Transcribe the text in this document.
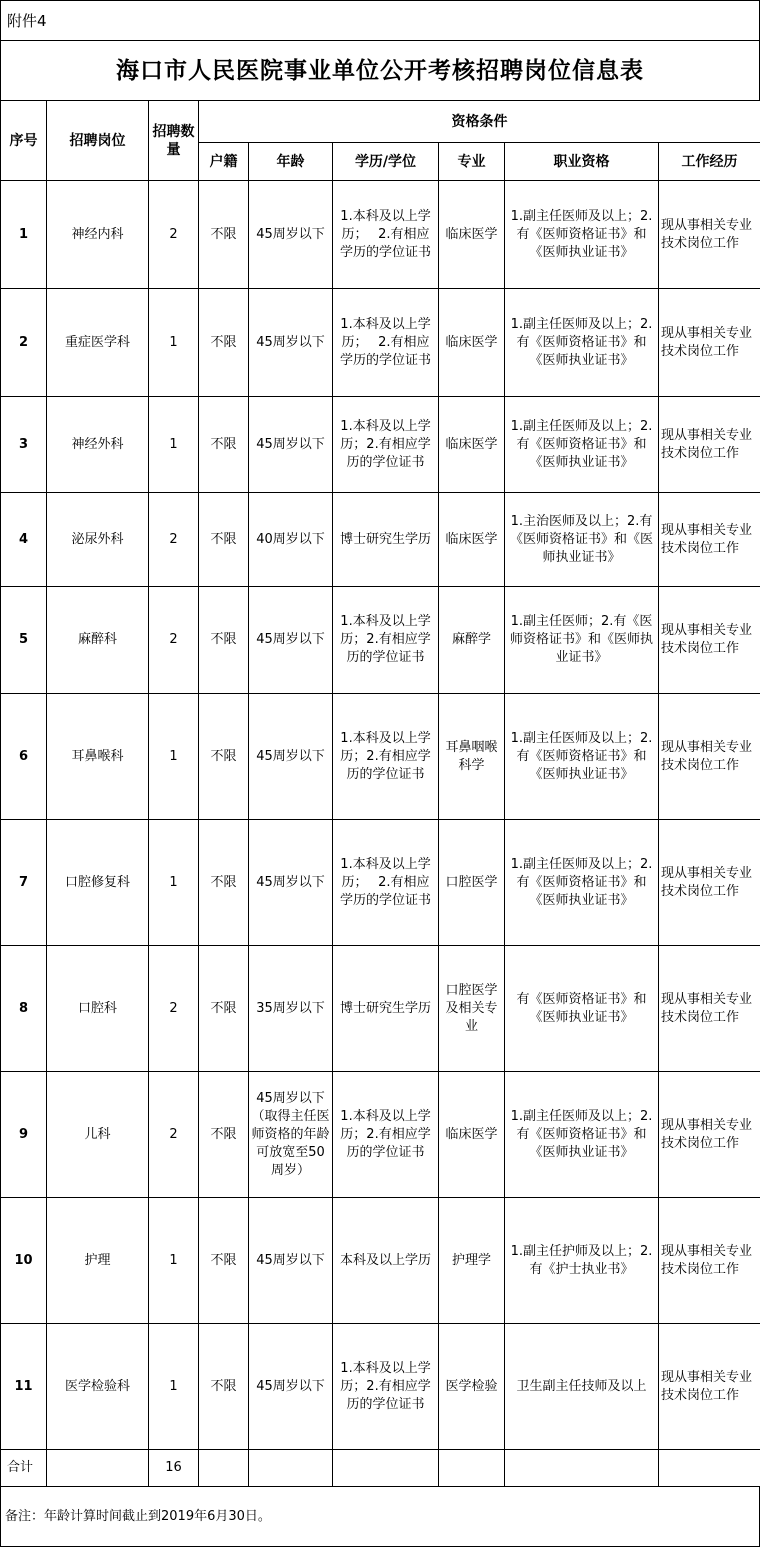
附件4
海口市人民医院事业单位公开考核招聘岗位信息表
序号	招聘岗位	招聘数量	资格条件					
			户籍	年龄	学历/学位	专业	职业资格	工作经历
1	神经内科	2	不限	45周岁以下	1.本科及以上学历；　 2.有相应学历的学位证书	临床医学	1.副主任医师及以上；2.有《医师资格证书》和《医师执业证书》	现从事相关专业技术岗位工作
2	重症医学科	1	不限	45周岁以下	1.本科及以上学历；　 2.有相应学历的学位证书	临床医学	1.副主任医师及以上；2.有《医师资格证书》和《医师执业证书》	现从事相关专业技术岗位工作
3	神经外科	1	不限	45周岁以下	1.本科及以上学历；2.有相应学历的学位证书	临床医学	1.副主任医师及以上；2.有《医师资格证书》和《医师执业证书》	现从事相关专业技术岗位工作
4	泌尿外科	2	不限	40周岁以下	博士研究生学历	临床医学	1.主治医师及以上；2.有《医师资格证书》和《医师执业证书》	现从事相关专业技术岗位工作
5	麻醉科	2	不限	45周岁以下	1.本科及以上学历；2.有相应学历的学位证书	麻醉学	1.副主任医师；2.有《医师资格证书》和《医师执业证书》	现从事相关专业技术岗位工作
6	耳鼻喉科	1	不限	45周岁以下	1.本科及以上学历；2.有相应学历的学位证书	耳鼻咽喉科学	1.副主任医师及以上；2.有《医师资格证书》和《医师执业证书》	现从事相关专业技术岗位工作
7	口腔修复科	1	不限	45周岁以下	1.本科及以上学历；　 2.有相应学历的学位证书	口腔医学	1.副主任医师及以上；2.有《医师资格证书》和《医师执业证书》	现从事相关专业技术岗位工作
8	口腔科	2	不限	35周岁以下	博士研究生学历	口腔医学及相关专业	有《医师资格证书》和《医师执业证书》	现从事相关专业技术岗位工作
9	儿科	2	不限	45周岁以下（取得主任医师资格的年龄可放宽至50周岁）	1.本科及以上学历；2.有相应学历的学位证书	临床医学	1.副主任医师及以上；2.有《医师资格证书》和《医师执业证书》	现从事相关专业技术岗位工作
10	护理	1	不限	45周岁以下	本科及以上学历	护理学	1.副主任护师及以上；2.有《护士执业书》	现从事相关专业技术岗位工作
11	医学检验科	1	不限	45周岁以下	1.本科及以上学历；2.有相应学历的学位证书	医学检验	卫生副主任技师及以上	现从事相关专业技术岗位工作
合计		16						
备注：年龄计算时间截止到2019年6月30日。
